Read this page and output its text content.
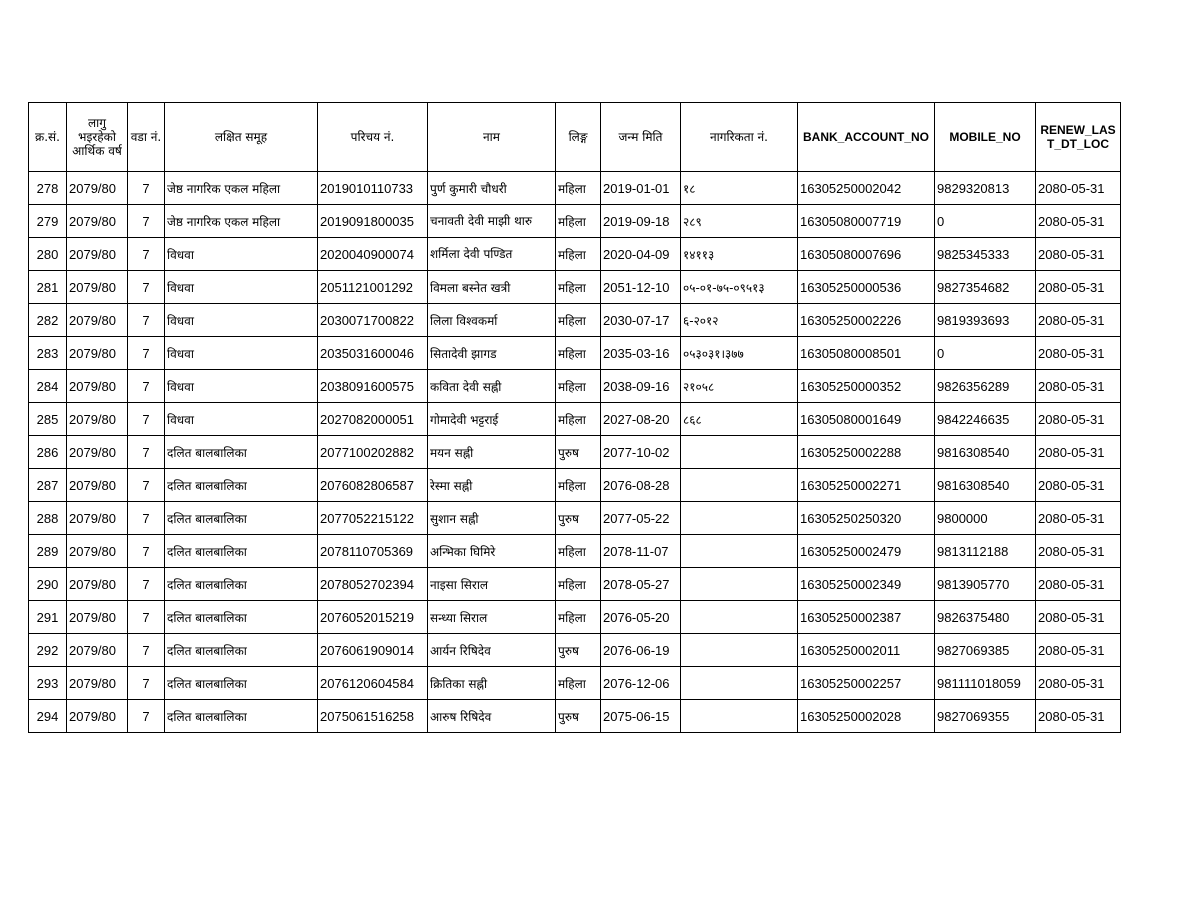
क्र.सं.	लागु भइरहेको आर्थिक वर्ष	वडा नं.	लक्षित समूह	परिचय नं.	नाम	लिङ्ग	जन्म मिति	नागरिकता नं.	BANK_ACCOUNT_NO	MOBILE_NO	RENEW_LAST_DT_LOC
278	2079/80	7	जेष्ठ नागरिक एकल महिला	2019010110733	पुर्ण कुमारी चौधरी	महिला	2019-01-01	१८	16305250002042	9829320813	2080-05-31
279	2079/80	7	जेष्ठ नागरिक एकल महिला	2019091800035	चनावती देवी माझी थारु	महिला	2019-09-18	२८९	16305080007719	0	2080-05-31
280	2079/80	7	विधवा	2020040900074	शर्मिला देवी पण्डित	महिला	2020-04-09	१४११३	16305080007696	9825345333	2080-05-31
281	2079/80	7	विधवा	2051121001292	विमला बस्नेत खत्री	महिला	2051-12-10	०५-०१-७५-०९५१३	16305250000536	9827354682	2080-05-31
282	2079/80	7	विधवा	2030071700822	लिला विश्वकर्मा	महिला	2030-07-17	६-२०१२	16305250002226	9819393693	2080-05-31
283	2079/80	7	विधवा	2035031600046	सितादेवी झागड	महिला	2035-03-16	०५३०३१।३७७	16305080008501	0	2080-05-31
284	2079/80	7	विधवा	2038091600575	कविता देवी सह्नी	महिला	2038-09-16	२१०५८	16305250000352	9826356289	2080-05-31
285	2079/80	7	विधवा	2027082000051	गोमादेवी भट्टराई	महिला	2027-08-20	८६८	16305080001649	9842246635	2080-05-31
286	2079/80	7	दलित बालबालिका	2077100202882	मयन सह्नी	पुरुष	2077-10-02		16305250002288	9816308540	2080-05-31
287	2079/80	7	दलित बालबालिका	2076082806587	रेस्मा सह्नी	महिला	2076-08-28		16305250002271	9816308540	2080-05-31
288	2079/80	7	दलित बालबालिका	2077052215122	सुशान सह्नी	पुरुष	2077-05-22		16305250250320	9800000	2080-05-31
289	2079/80	7	दलित बालबालिका	2078110705369	अन्भिका घिमिरे	महिला	2078-11-07		16305250002479	9813112188	2080-05-31
290	2079/80	7	दलित बालबालिका	2078052702394	नाइसा सिराल	महिला	2078-05-27		16305250002349	9813905770	2080-05-31
291	2079/80	7	दलित बालबालिका	2076052015219	सन्ध्या सिराल	महिला	2076-05-20		16305250002387	9826375480	2080-05-31
292	2079/80	7	दलित बालबालिका	2076061909014	आर्यन रिषिदेव	पुरुष	2076-06-19		16305250002011	9827069385	2080-05-31
293	2079/80	7	दलित बालबालिका	2076120604584	क्रितिका सह्नी	महिला	2076-12-06		16305250002257	981111018059	2080-05-31
294	2079/80	7	दलित बालबालिका	2075061516258	आरुष रिषिदेव	पुरुष	2075-06-15		16305250002028	9827069355	2080-05-31
